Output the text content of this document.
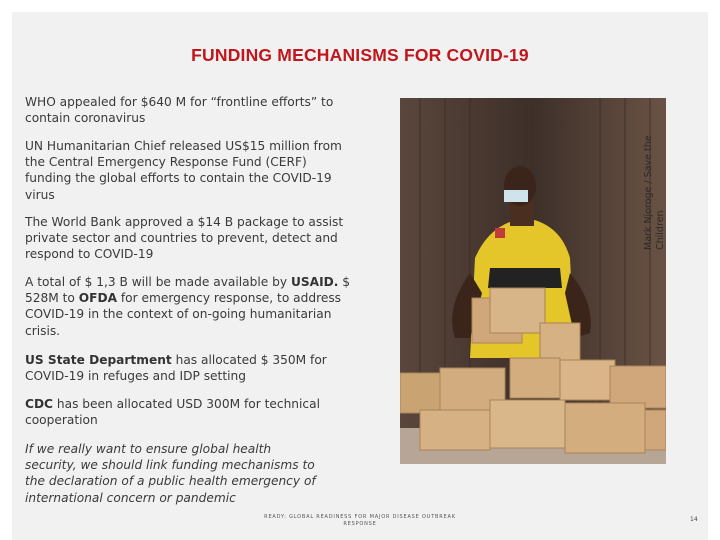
FUNDING MECHANISMS FOR COVID-19
WHO appealed for $640 M for “frontline efforts” to contain coronavirus
UN Humanitarian Chief released US$15 million from the Central Emergency Response Fund (CERF) funding the global efforts to contain the COVID-19 virus
The World Bank approved a $14 B package to assist private sector and countries to prevent, detect and respond to COVID-19
A total of $ 1,3 B will be made available by USAID. $ 528M to OFDA for emergency response, to address COVID-19 in the context of on-going humanitarian crisis.
US State Department has allocated $ 350M for COVID-19 in refuges and IDP setting
CDC has been allocated USD 300M for technical cooperation
If we really want to ensure global health security, we should link funding mechanisms to the declaration of a public health emergency of international concern or pandemic
Mark Njoroge / Save the Children
READY: GLOBAL READINESS FOR MAJOR DISEASE OUTBREAK RESPONSE
14
